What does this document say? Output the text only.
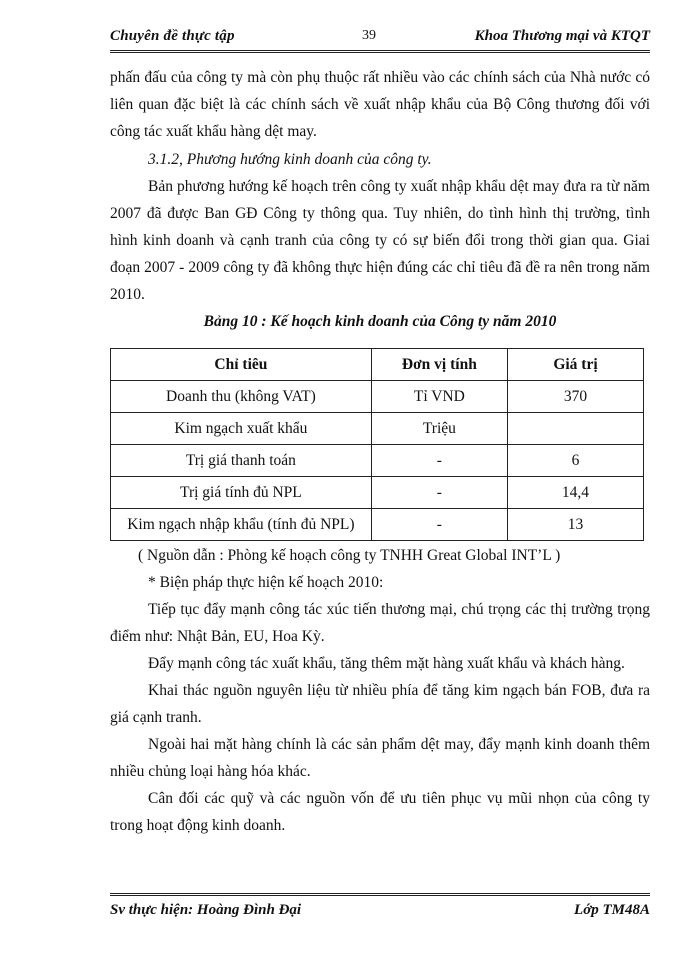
Chuyên đề thực tập	39	Khoa Thương mại và KTQT

phấn đấu của công ty mà còn phụ thuộc rất nhiều vào các chính sách của Nhà nước có liên quan đặc biệt là các chính sách về xuất nhập khẩu của Bộ Công thương đối với công tác xuất khẩu hàng dệt may.

3.1.2, Phương hướng kinh doanh của công ty.

Bản phương hướng kế hoạch trên công ty xuất nhập khẩu dệt may đưa ra từ năm 2007 đã được Ban GĐ Công ty thông qua. Tuy nhiên, do tình hình thị trường, tình hình kinh doanh và cạnh tranh của công ty có sự biến đổi trong thời gian qua. Giai đoạn 2007 - 2009 công ty đã không thực hiện đúng các chỉ tiêu đã đề ra nên trong năm 2010.

Bảng 10 : Kế hoạch kinh doanh của Công ty năm 2010

Chỉ tiêu	Đơn vị tính	Giá trị
Doanh thu (không VAT)	Tỉ VND	370
Kim ngạch xuất khẩu	Triệu	
Trị giá thanh toán	-	6
Trị giá tính đủ NPL	-	14,4
Kim ngạch nhập khẩu (tính đủ NPL)	-	13

( Nguồn dẫn : Phòng kế hoạch công ty TNHH Great Global INT’L )

* Biện pháp thực hiện kế hoạch 2010:

Tiếp tục đẩy mạnh công tác xúc tiến thương mại, chú trọng các thị trường trọng điểm như: Nhật Bản, EU, Hoa Kỳ.

Đẩy mạnh công tác xuất khẩu, tăng thêm mặt hàng xuất khẩu và khách hàng.

Khai thác nguồn nguyên liệu từ nhiều phía để tăng kim ngạch bán FOB, đưa ra giá cạnh tranh.

Ngoài hai mặt hàng chính là các sản phẩm dệt may, đẩy mạnh kinh doanh thêm nhiều chủng loại hàng hóa khác.

Cân đối các quỹ và các nguồn vốn để ưu tiên phục vụ mũi nhọn của công ty trong hoạt động kinh doanh.

Sv thực hiện: Hoàng Đình Đại	Lớp TM48A
